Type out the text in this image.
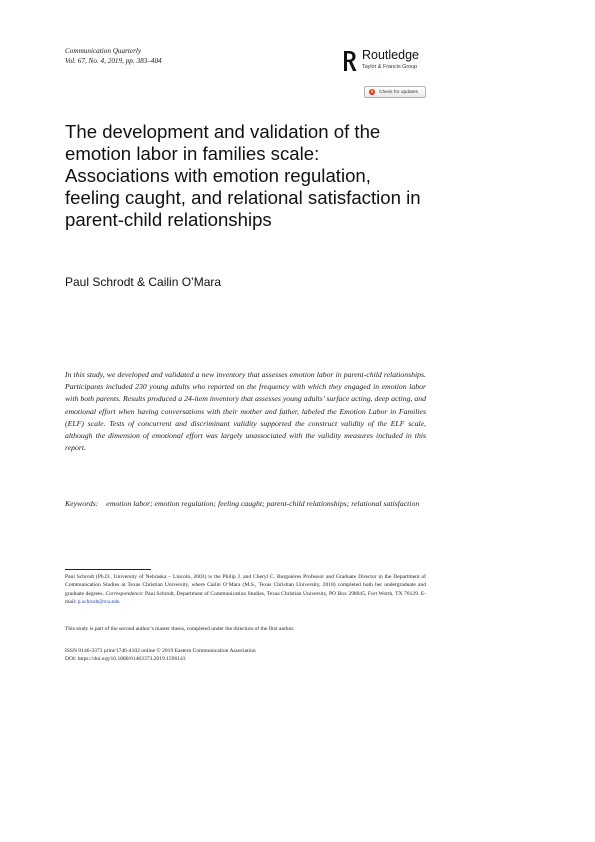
Communication Quarterly
Vol. 67, No. 4, 2019, pp. 383–404	Routledge
Taylor & Francis Group
Check for updates
The development and validation of the emotion labor in families scale: Associations with emotion regulation, feeling caught, and relational satisfaction in parent-child relationships
Paul Schrodt & Cailin O’Mara

In this study, we developed and validated a new inventory that assesses emotion labor in parent-child relationships. Participants included 230 young adults who reported on the frequency with which they engaged in emotion labor with both parents. Results produced a 24-item inventory that assesses young adults’ surface acting, deep acting, and emotional effort when having conversations with their mother and father, labeled the Emotion Labor in Families (ELF) scale. Tests of concurrent and discriminant validity supported the construct validity of the ELF scale, although the dimension of emotional effort was largely unassociated with the validity measures included in this report.

Keywords: emotion labor; emotion regulation; feeling caught; parent-child relationships; relational satisfaction
Paul Schrodt (Ph.D., University of Nebraska – Lincoln, 2003) is the Philip J. and Cheryl C. Burguières Professor and Graduate Director in the Department of Communication Studies at Texas Christian University, where Cailin O’Mara (M.S., Texas Christian University, 2018) completed both her undergraduate and graduate degrees. Correspondence: Paul Schrodt, Department of Communication Studies, Texas Christian University, PO Box 298045, Fort Worth, TX 76129. E-mail: p.schrodt@tcu.edu
This study is part of the second author’s master thesis, completed under the direction of the first author.
ISSN 0146-3373 print/1746-4102 online © 2019 Eastern Communication Association
DOI: https://doi.org/10.1080/01463373.2019.1596143
